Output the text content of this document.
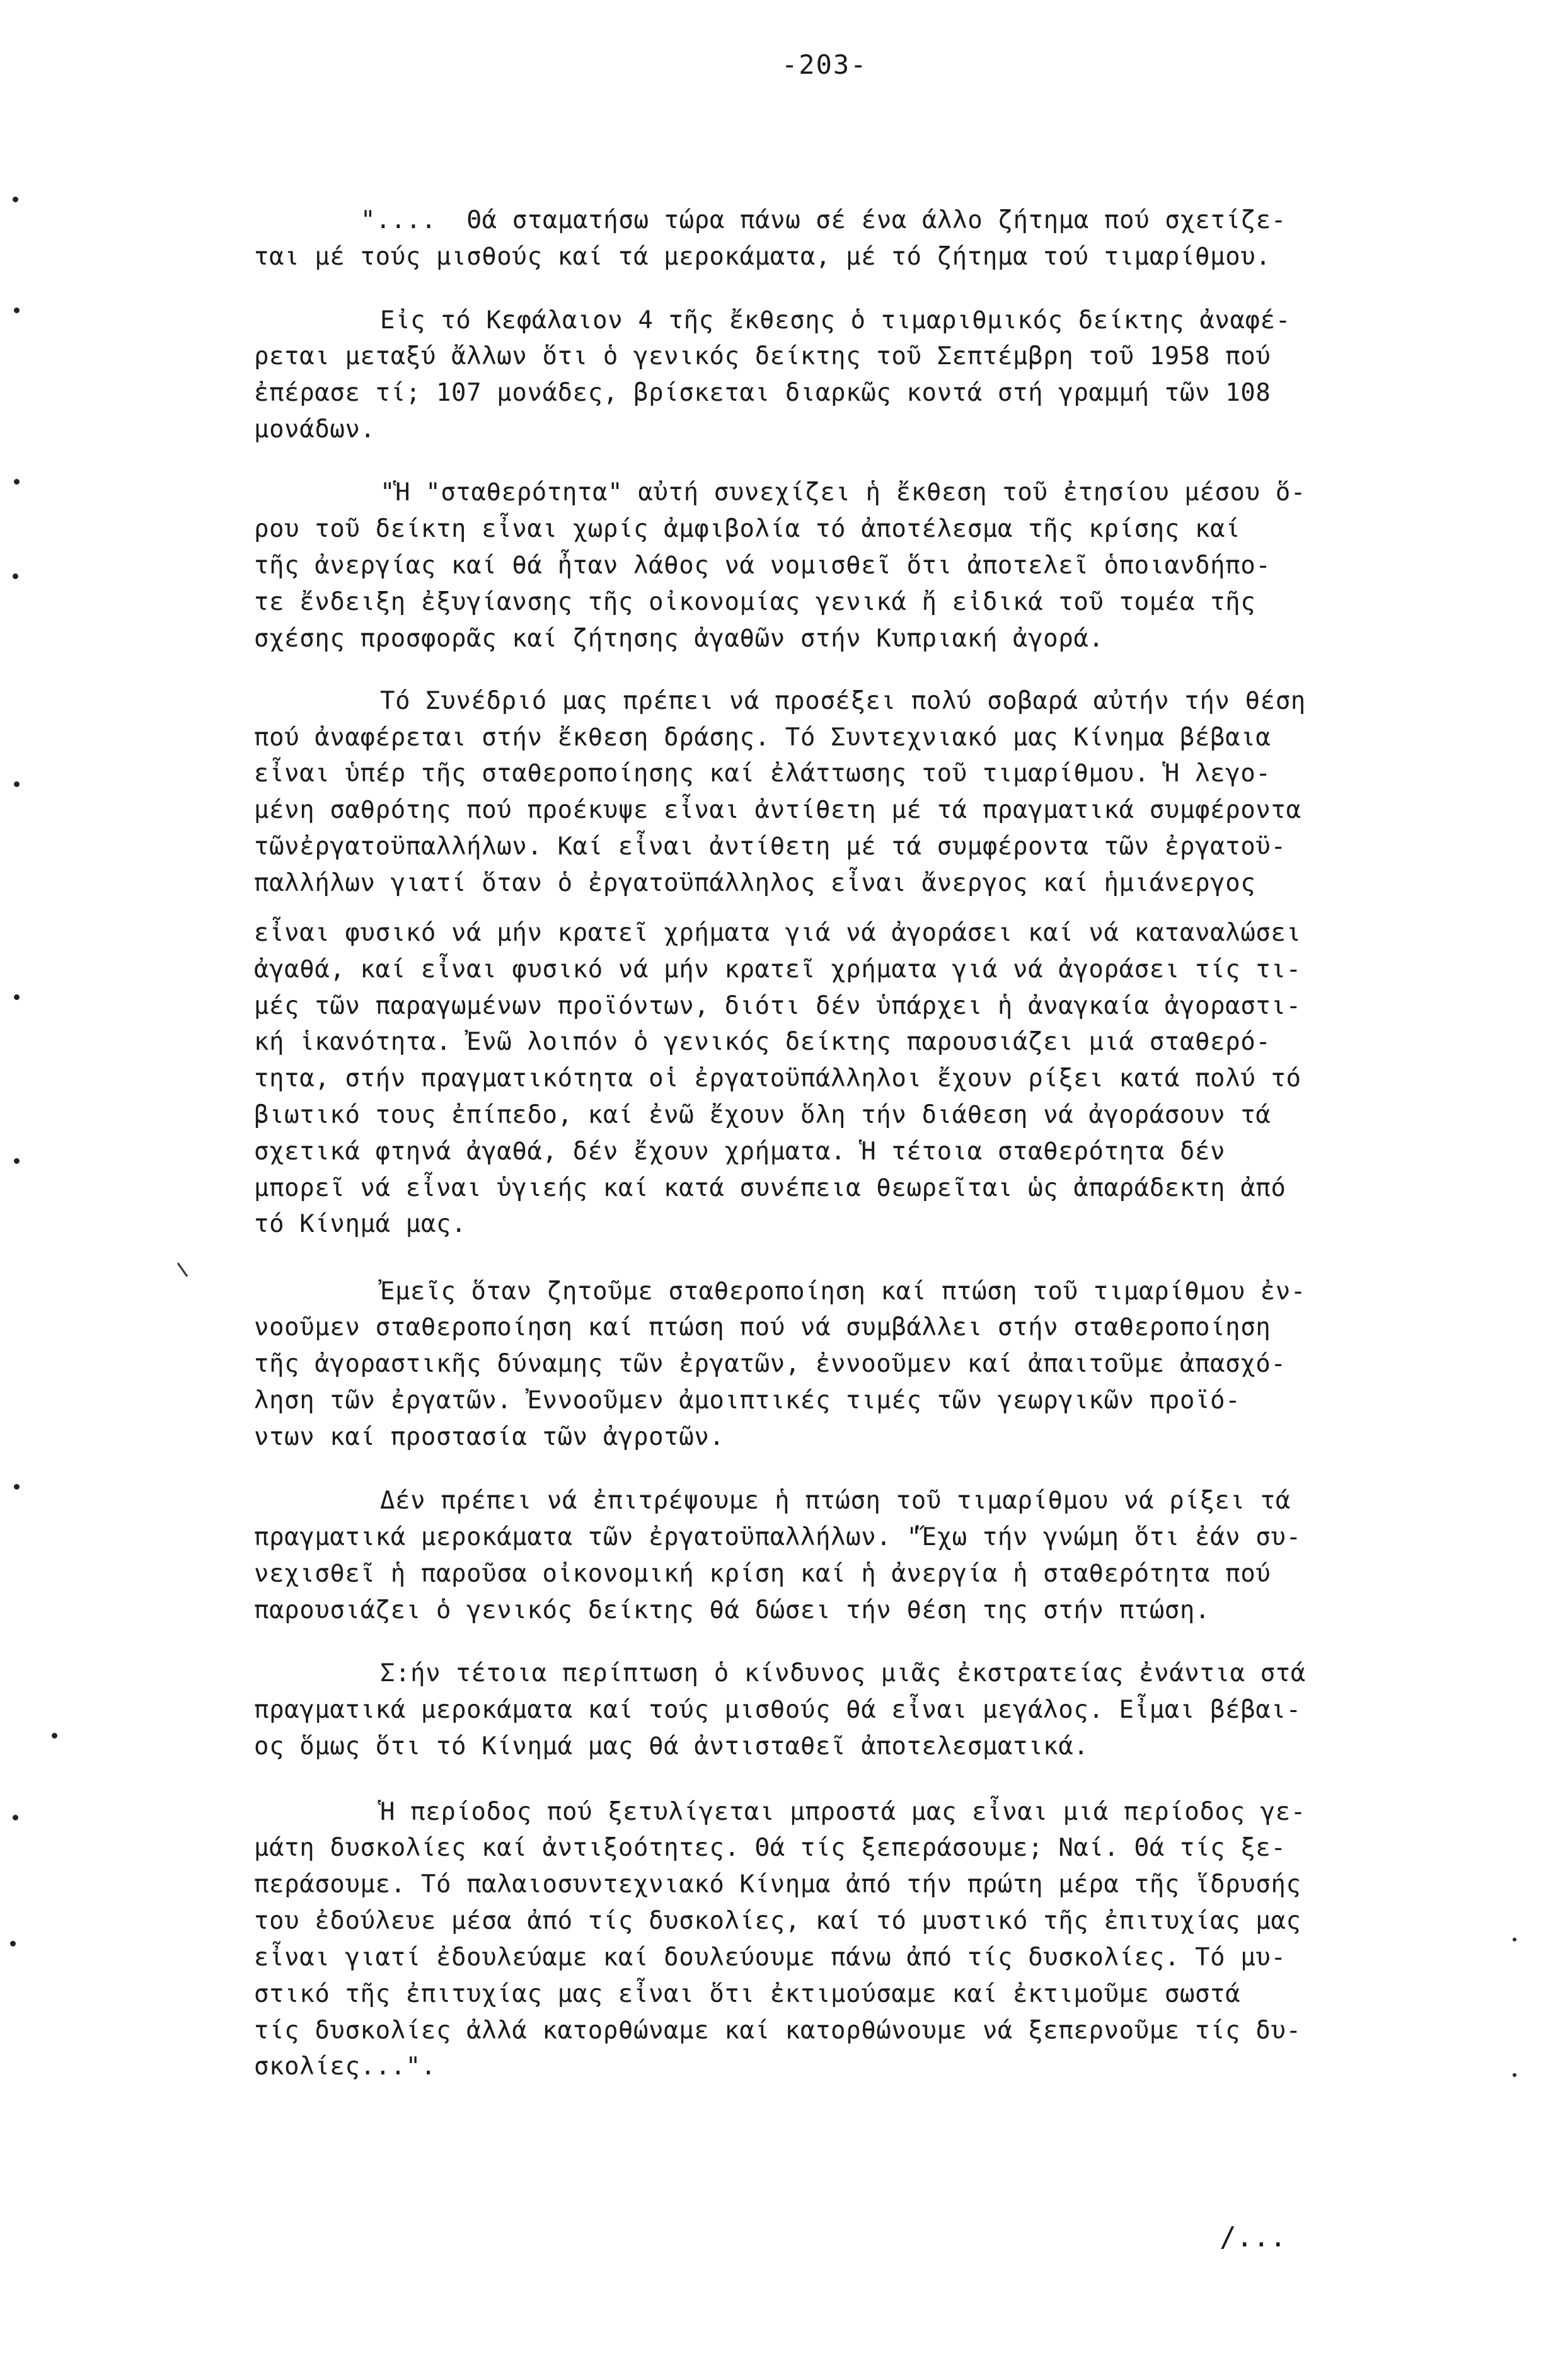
-203-
"....  Θά σταματήσω τώρα πάνω σέ ένα άλλο ζήτημα πού σχετίζε-
ται μέ τούς μισθούς καί τά μεροκάματα, μέ τό ζήτημα τού τιμαρίθμου.
Εἰς τό Κεφάλαιον 4 τῆς ἔκθεσης ὁ τιμαριθμικός δείκτης ἀναφέ-
ρεται μεταξύ ἄλλων ὅτι ὁ γενικός δείκτης τοῦ Σεπτέμβρη τοῦ 1958 πού
ἐπέρασε τί; 107 μονάδες, βρίσκεται διαρκῶς κοντά στή γραμμή τῶν 108
μονάδων.
"Ἡ "σταθερότητα" αὐτή συνεχίζει ἡ ἔκθεση τοῦ ἐτησίου μέσου ὅ-
ρου τοῦ δείκτη εἶναι χωρίς ἀμφιβολία τό ἀποτέλεσμα τῆς κρίσης καί
τῆς ἀνεργίας καί θά ἦταν λάθος νά νομισθεῖ ὅτι ἀποτελεῖ ὁποιανδήπο-
τε ἔνδειξη ἐξυγίανσης τῆς οἰκονομίας γενικά ἤ εἰδικά τοῦ τομέα τῆς
σχέσης προσφορᾶς καί ζήτησης ἀγαθῶν στήν Κυπριακή ἀγορά.
Τό Συνέδριό μας πρέπει νά προσέξει πολύ σοβαρά αὐτήν τήν θέση
πού ἀναφέρεται στήν ἔκθεση δράσης. Τό Συντεχνιακό μας Κίνημα βέβαια
εἶναι ὑπέρ τῆς σταθεροποίησης καί ἐλάττωσης τοῦ τιμαρίθμου. Ἡ λεγο-
μένη σαθρότης πού προέκυψε εἶναι ἀντίθετη μέ τά πραγματικά συμφέροντα
τῶνἐργατοϋπαλλήλων. Καί εἶναι ἀντίθετη μέ τά συμφέροντα τῶν ἐργατοϋ-
παλλήλων γιατί ὅταν ὁ ἐργατοϋπάλληλος εἶναι ἄνεργος καί ἡμιάνεργος
εἶναι φυσικό νά μήν κρατεῖ χρήματα γιά νά ἀγοράσει καί νά καταναλώσει
ἀγαθά, καί εἶναι φυσικό νά μήν κρατεῖ χρήματα γιά νά ἀγοράσει τίς τι-
μές τῶν παραγωμένων προϊόντων, διότι δέν ὑπάρχει ἡ ἀναγκαία ἀγοραστι-
κή ἱκανότητα. Ἐνῶ λοιπόν ὁ γενικός δείκτης παρουσιάζει μιά σταθερό-
τητα, στήν πραγματικότητα οἱ ἐργατοϋπάλληλοι ἔχουν ρίξει κατά πολύ τό
βιωτικό τους ἐπίπεδο, καί ἐνῶ ἔχουν ὅλη τήν διάθεση νά ἀγοράσουν τά
σχετικά φτηνά ἀγαθά, δέν ἔχουν χρήματα. Ἡ τέτοια σταθερότητα δέν
μπορεῖ νά εἶναι ὑγιεής καί κατά συνέπεια θεωρεῖται ὡς ἀπαράδεκτη ἀπό
τό Κίνημά μας.
Ἐμεῖς ὅταν ζητοῦμε σταθεροποίηση καί πτώση τοῦ τιμαρίθμου ἐν-
νοοῦμεν σταθεροποίηση καί πτώση πού νά συμβάλλει στήν σταθεροποίηση
τῆς ἀγοραστικῆς δύναμης τῶν ἐργατῶν, ἐννοοῦμεν καί ἀπαιτοῦμε ἀπασχό-
ληση τῶν ἐργατῶν. Ἐννοοῦμεν ἀμοιπτικές τιμές τῶν γεωργικῶν προϊό-
ντων καί προστασία τῶν ἀγροτῶν.
Δέν πρέπει νά ἐπιτρέψουμε ἡ πτώση τοῦ τιμαρίθμου νά ρίξει τά
πραγματικά μεροκάματα τῶν ἐργατοϋπαλλήλων. "Ἔχω τήν γνώμη ὅτι ἐάν συ-
νεχισθεῖ ἡ παροῦσα οἰκονομική κρίση καί ἡ ἀνεργία ἡ σταθερότητα πού
παρουσιάζει ὁ γενικός δείκτης θά δώσει τήν θέση της στήν πτώση.
Σ:ήν τέτοια περίπτωση ὁ κίνδυνος μιᾶς ἐκστρατείας ἐνάντια στά
πραγματικά μεροκάματα καί τούς μισθούς θά εἶναι μεγάλος. Εἶμαι βέβαι-
ος ὅμως ὅτι τό Κίνημά μας θά ἀντισταθεῖ ἀποτελεσματικά.
Ἡ περίοδος πού ξετυλίγεται μπροστά μας εἶναι μιά περίοδος γε-
μάτη δυσκολίες καί ἀντιξοότητες. Θά τίς ξεπεράσουμε; Ναί. Θά τίς ξε-
περάσουμε. Τό παλαιοσυντεχνιακό Κίνημα ἀπό τήν πρώτη μέρα τῆς ἵδρυσής
του ἐδούλευε μέσα ἀπό τίς δυσκολίες, καί τό μυστικό τῆς ἐπιτυχίας μας
εἶναι γιατί ἐδουλεύαμε καί δουλεύουμε πάνω ἀπό τίς δυσκολίες. Τό μυ-
στικό τῆς ἐπιτυχίας μας εἶναι ὅτι ἐκτιμούσαμε καί ἐκτιμοῦμε σωστά
τίς δυσκολίες ἀλλά κατορθώναμε καί κατορθώνουμε νά ξεπερνοῦμε τίς δυ-
σκολίες...".
/...
